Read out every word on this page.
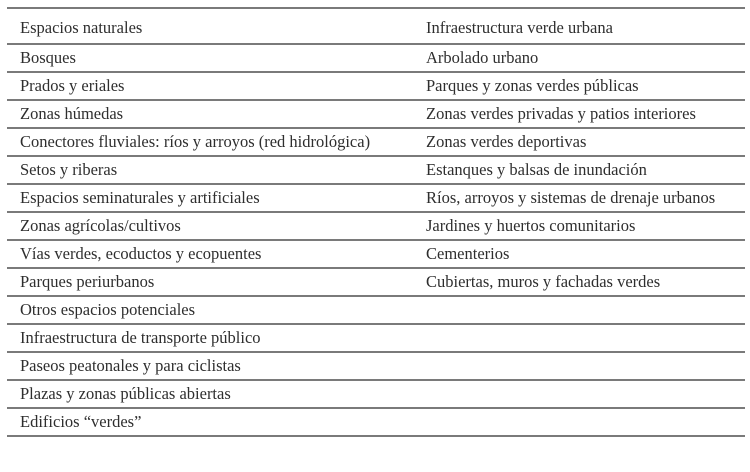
Espacios naturales	Infraestructura verde urbana
Bosques	Arbolado urbano
Prados y eriales	Parques y zonas verdes públicas
Zonas húmedas	Zonas verdes privadas y patios interiores
Conectores fluviales: ríos y arroyos (red hidrológica)	Zonas verdes deportivas
Setos y riberas	Estanques y balsas de inundación
Espacios seminaturales y artificiales	Ríos, arroyos y sistemas de drenaje urbanos
Zonas agrícolas/cultivos	Jardines y huertos comunitarios
Vías verdes, ecoductos y ecopuentes	Cementerios
Parques periurbanos	Cubiertas, muros y fachadas verdes
Otros espacios potenciales	
Infraestructura de transporte público	
Paseos peatonales y para ciclistas	
Plazas y zonas públicas abiertas	
Edificios “verdes”	
